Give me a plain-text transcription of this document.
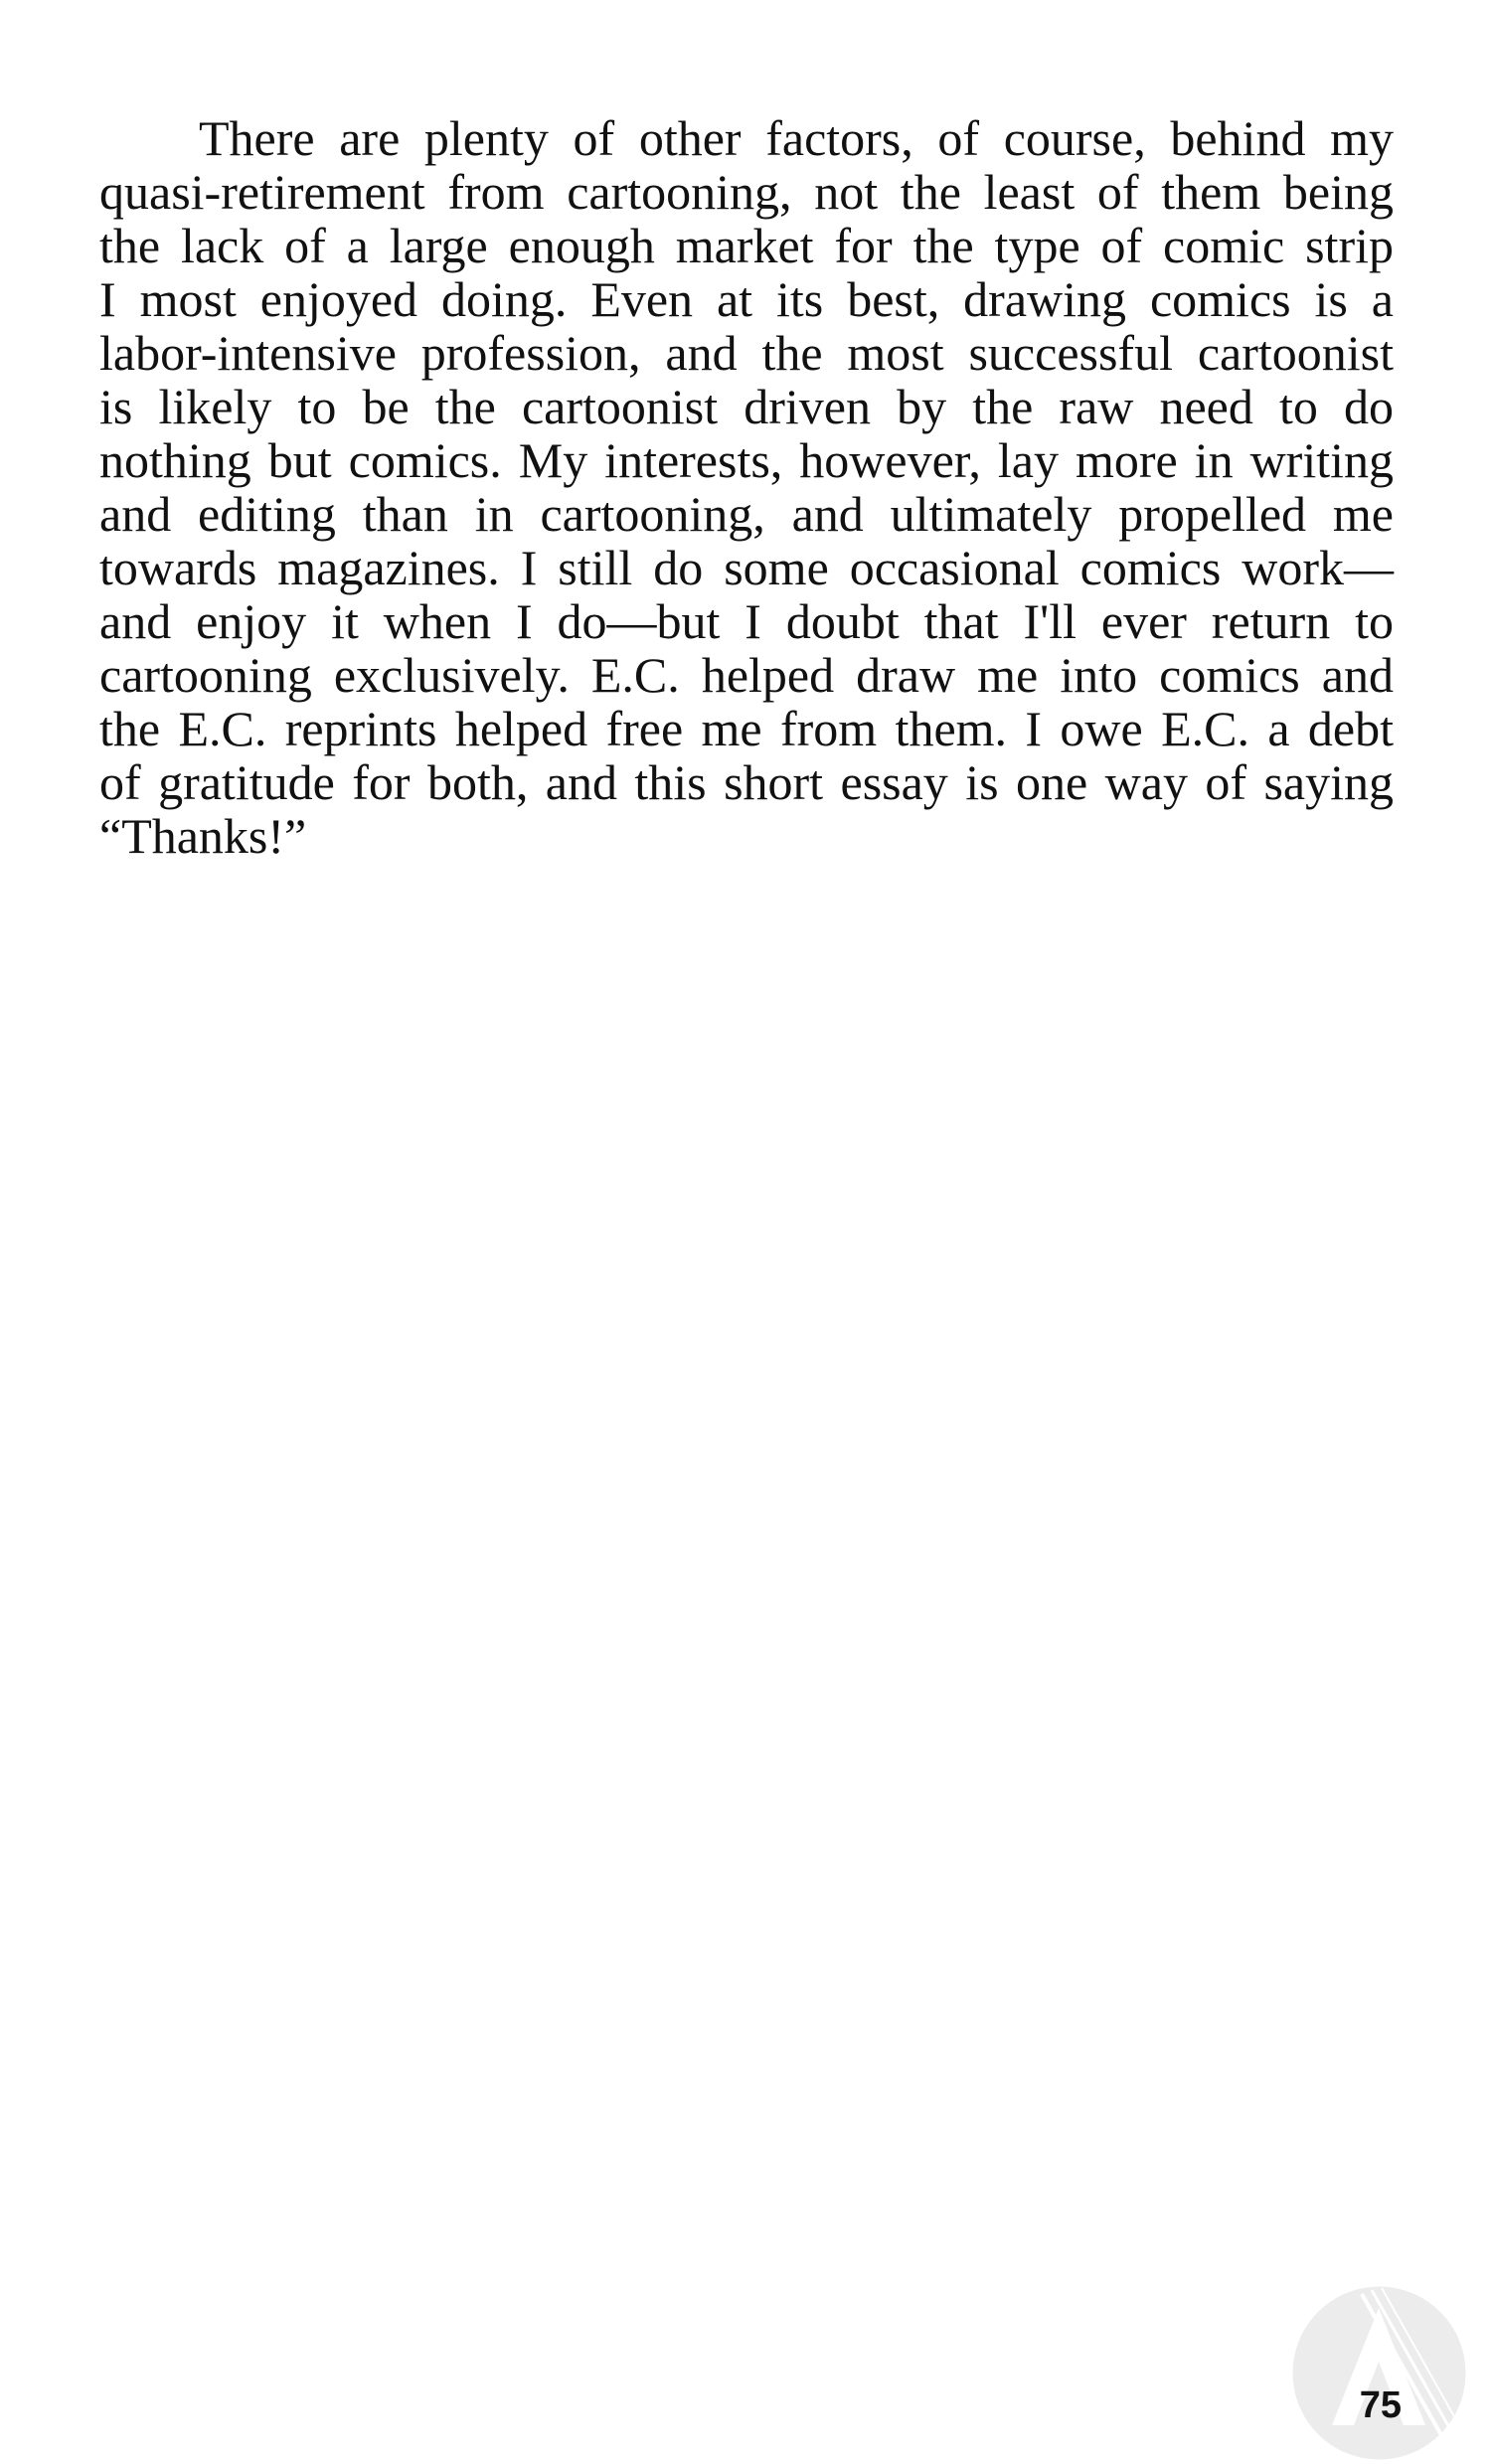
There are plenty of other factors, of course, behind my
quasi-retirement from cartooning, not the least of them being
the lack of a large enough market for the type of comic strip
I most enjoyed doing. Even at its best, drawing comics is a
labor-intensive profession, and the most successful cartoonist
is likely to be the cartoonist driven by the raw need to do
nothing but comics. My interests, however, lay more in writing
and editing than in cartooning, and ultimately propelled me
towards magazines. I still do some occasional comics work—
and enjoy it when I do—but I doubt that I'll ever return to
cartooning exclusively. E.C. helped draw me into comics and
the E.C. reprints helped free me from them. I owe E.C. a debt
of gratitude for both, and this short essay is one way of saying
“Thanks!”
75
